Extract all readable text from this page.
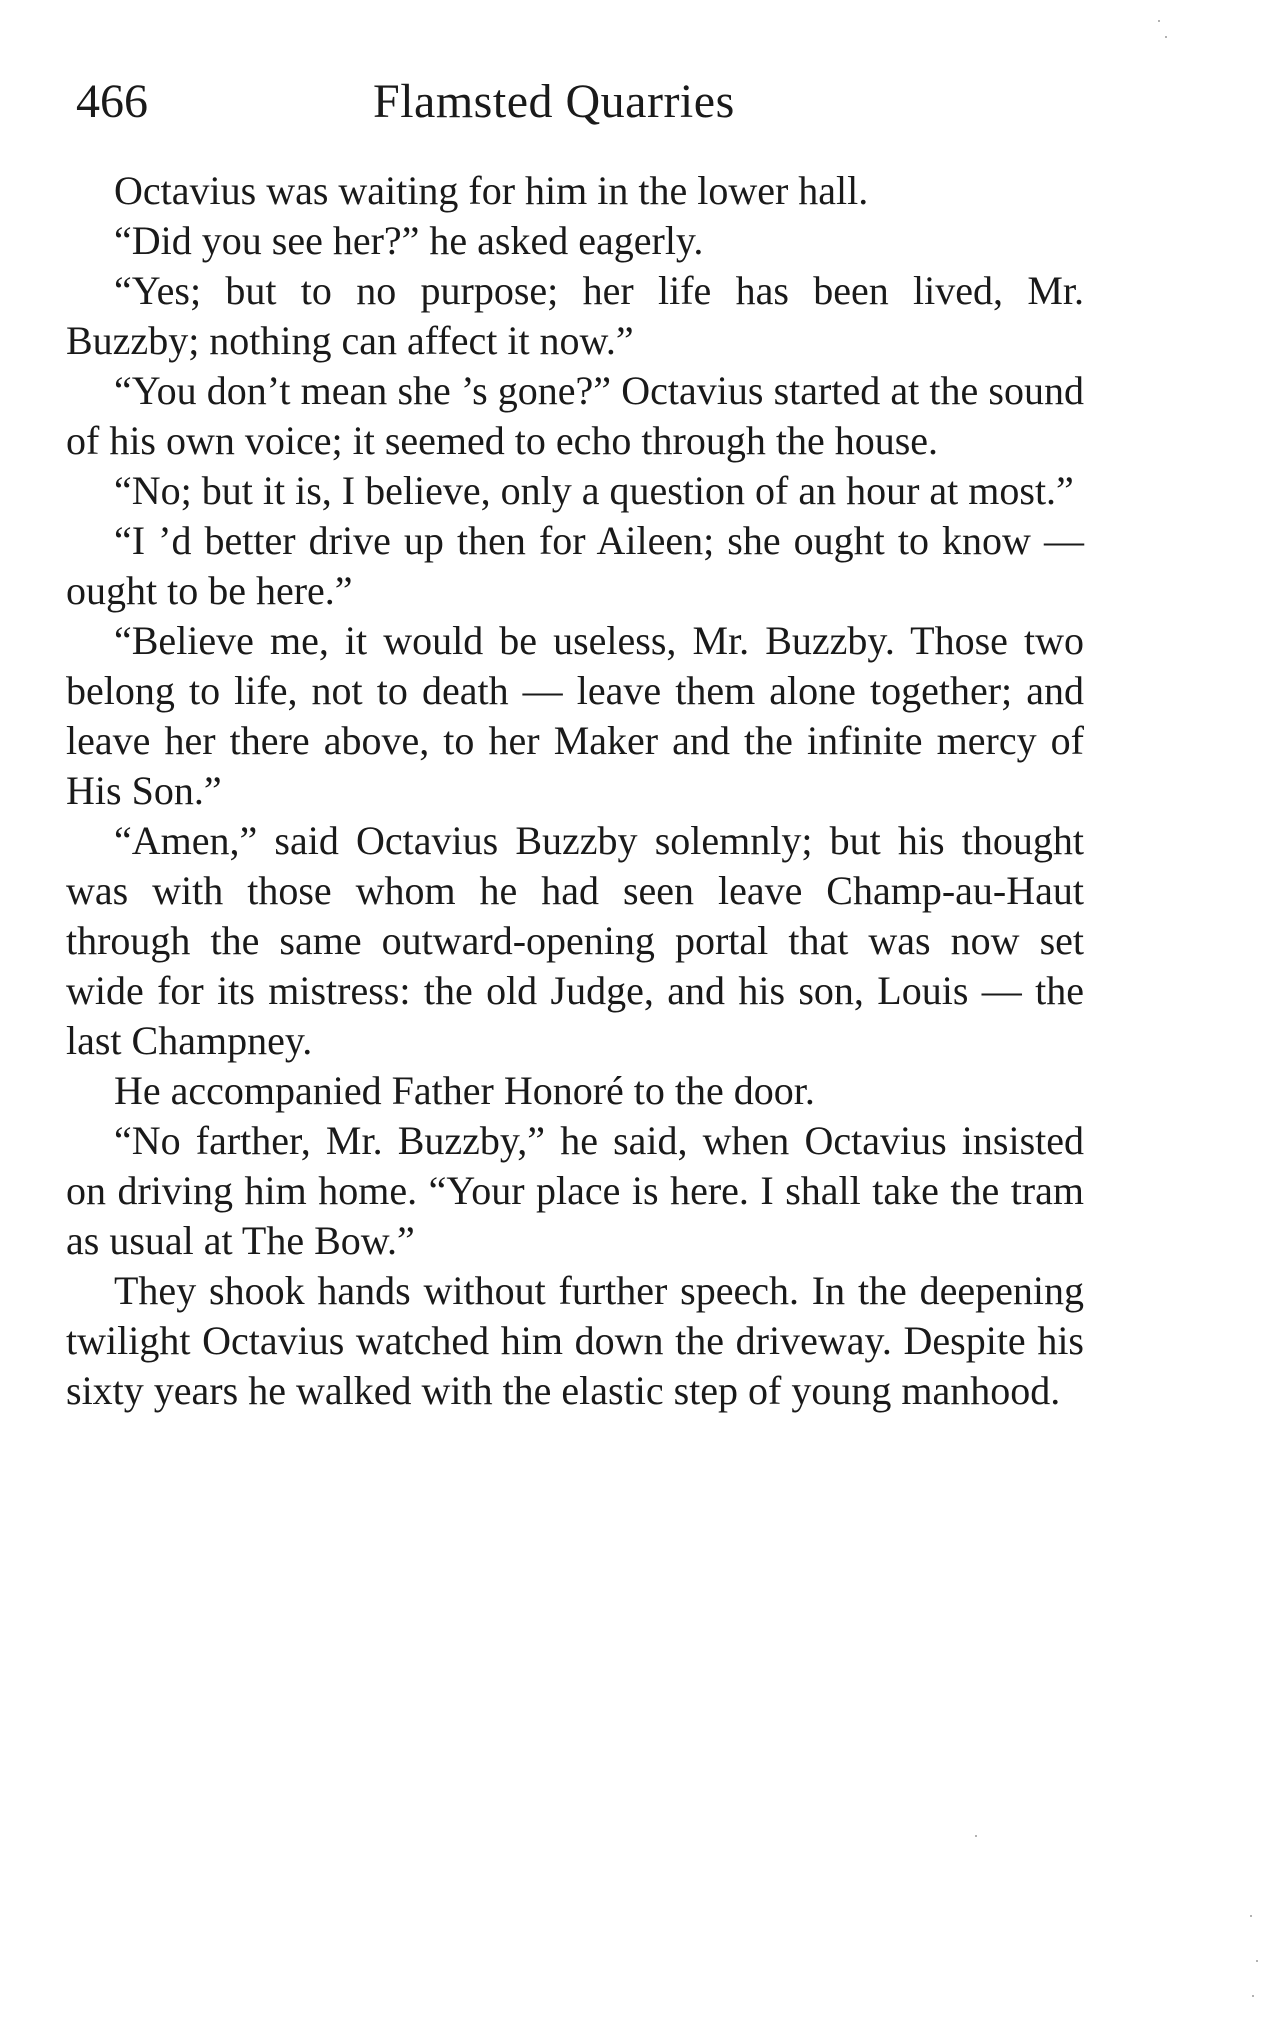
466	Flamsted Quarries

Octavius was waiting for him in the lower hall.

“Did you see her?” he asked eagerly.

“Yes; but to no purpose; her life has been lived, Mr. Buzzby; nothing can affect it now.”

“You don’t mean she ’s gone?” Octavius started at the sound of his own voice; it seemed to echo through the house.

“No; but it is, I believe, only a question of an hour at most.”

“I ’d better drive up then for Aileen; she ought to know — ought to be here.”

“Believe me, it would be useless, Mr. Buzzby. Those two belong to life, not to death — leave them alone together; and leave her there above, to her Maker and the infinite mercy of His Son.”

“Amen,” said Octavius Buzzby solemnly; but his thought was with those whom he had seen leave Champ-au-Haut through the same outward-opening portal that was now set wide for its mistress: the old Judge, and his son, Louis — the last Champney.

He accompanied Father Honoré to the door.

“No farther, Mr. Buzzby,” he said, when Octavius insisted on driving him home. “Your place is here. I shall take the tram as usual at The Bow.”

They shook hands without further speech. In the deepening twilight Octavius watched him down the driveway. Despite his sixty years he walked with the elastic step of young manhood.
